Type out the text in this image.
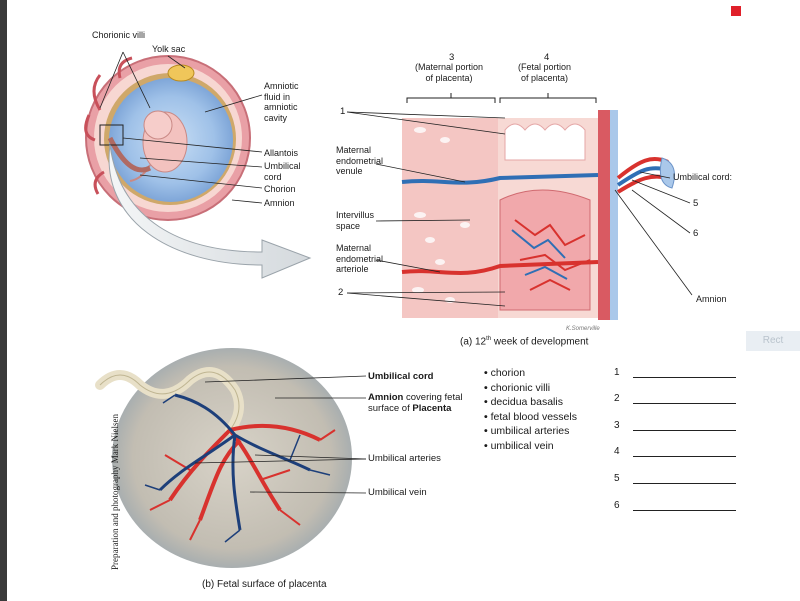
Rect
Chorionic villi
Yolk sac
Amniotic
fluid in
amniotic
cavity
Allantois
Umbilical
cord
Chorion
Amnion
3
(Maternal portion
of placenta)
4
(Fetal portion
of placenta)
1
Maternal
endometrial
venule
Intervillus
space
Maternal
endometrial
arteriole
2
Umbilical cord:
5
6
Amnion
K.Somerville
(a) 12th week of development
Umbilical cord
Amnion covering fetal
surface of Placenta
Umbilical arteries
Umbilical vein
(b) Fetal surface of placenta
Preparation and photography Mark Nielsen
• chorion
• chorionic villi
• decidua basalis
• fetal blood vessels
• umbilical arteries
• umbilical vein
1
2
3
4
5
6
